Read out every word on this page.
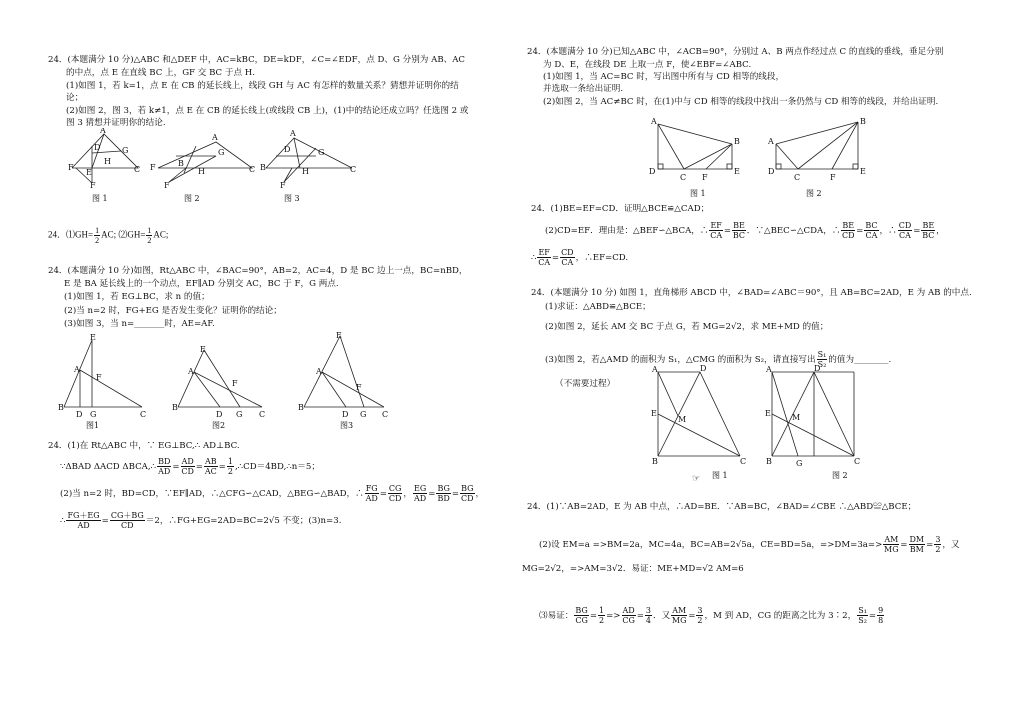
24．(本题满分 10 分)△ABC 和△DEF 中，AC=kBC，DE=kDF，∠C=∠EDF，点 D、G 分别为 AB、AC
的中点，点 E 在直线 BC 上，GF 交 BC 于点 H.
(1)如图 1，若 k=1，点 E 在 CB 的延长线上，线段 GH 与 AC 有怎样的数量关系？猜想并证明你的结
论；
(2)如图 2，图 3，若 k≠1，点 E 在 CB 的延长线上(或线段 CB 上)，(1)中的结论还成立吗？任选图 2 或
图 3 猜想并证明你的结论.
A
F
E
F
C
D	G
H
A
F
G
C
B
H
F
A
B
G
C
F
H
D
图 1	图 2	图 3
24．⑴GH= $\frac{1}{2}$ AC; ⑵GH= $\frac{1}{2}$ AC;
24．(本题满分 10 分)如图，Rt△ABC 中，∠BAC=90°，AB=2，AC=4，D 是 BC 边上一点，BC=nBD，
E 是 BA 延长线上的一个动点，EF∥AD 分别交 AC，BC 于 F，G 两点.
(1)如图 1，若 EG⊥BC，求 n 的值；
(2)当 n=2 时，FG+EG 是否发生变化？证明你的结论；
(3)如图 3，当 n=_______时，AE=AF.
E
A
F
B
D G	C
E
A
F
B
D G C
E
A
F
B
D G C
图1	图2	图3
24．(1)在 Rt△ABC 中，∵ EG⊥BC,∴ AD⊥BC.
∵ΔBAD ΔACD ΔBCA,∴ $\frac{BD}{AD} = \frac{AD}{CD} = \frac{AB}{AC} = \frac{1}{2}$ ,∴CD＝4BD,∴n＝5；
(2)当 n=2 时，BD=CD，∵EF∥AD，∴△CFG∽△CAD，△BEG∽△BAD，∴ $\frac{FG}{AD} = \frac{CG}{CD}$ ， $\frac{EG}{AD} = \frac{BG}{BD} = \frac{BG}{CD}$ ，
∴ $\frac{FG+EG}{AD} = \frac{CG+BG}{CD} =2$，∴FG+EG=2AD=BC=2√5 不变；(3)n=3.
24．(本题满分 10 分)已知△ABC 中，∠ACB=90°，分别过 A、B 两点作经过点 C 的直线的垂线，垂足分别
为 D、E，在线段 DE 上取一点 F，使∠EBF=∠ABC.
(1)如图 1，当 AC=BC 时，写出图中所有与 CD 相等的线段，
并选取一条给出证明.
(2)如图 2，当 AC≠BC 时，在(1)中与 CD 相等的线段中找出一条仍然与 CD 相等的线段，并给出证明.
A
B
D
C F
E
A
B
D
C	F
E
图 1	图 2
24．(1)BE=EF=CD．证明△BCE≌△CAD；
(2)CD=EF．理由是：△BEF∽△BCA，∴ $\frac{EF}{CA} = \frac{BE}{BC}$ ．∵△BEC∽△CDA，∴ $\frac{BE}{CD} = \frac{BC}{CA}$ ，∴ $\frac{CD}{CA} = \frac{BE}{BC}$ ，
∴ $\frac{EF}{CA} = \frac{CD}{CA}$ ，∴EF=CD.
24．(本题满分 10 分) 如图 1，直角梯形 ABCD 中，∠BAD=∠ABC＝90°，且 AB=BC=2AD，E 为 AB 的中点.
(1)求证：△ABD≌△BCE；
(2)如图 2，延长 AM 交 BC 于点 G，若 MG=2√2，求 ME+MD 的值；
(3)如图 2，若△AMD 的面积为 S₁，△CMG 的面积为 S₂，请直接写出 $\frac{\text{S₁}}{\text{S₂}}$ 的值为________.
（不需要过程）
A	D
E
M
B	C
A	D
E	M
B	G	C
☞ 图 1	图 2
24．(1)∵AB=2AD，E 为 AB 中点，∴AD=BE．∵AB=BC，∠BAD=∠CBE ∴△ABD≌△BCE；
(2)设 EM=a =>BM=2a，MC=4a，BC=AB=2√5a，CE=BD=5a，$=>DM=3a=> \frac{AM}{MG} = \frac{DM}{BM} = \frac{3}{2}$ ，又
MG=2√2，=>AM=3√2．易证：ME+MD=√2 AM=6
⑶易证： $\frac{BG}{CG} = \frac{1}{2} => \frac{AD}{CG} = \frac{3}{4}$ ．又 $\frac{AM}{MG} = \frac{3}{2}$ ，M 到 AD，CG 的距离之比为 3∶2， $\frac{\text{S₁}}{\text{S₂}} = \frac{9}{8}$
